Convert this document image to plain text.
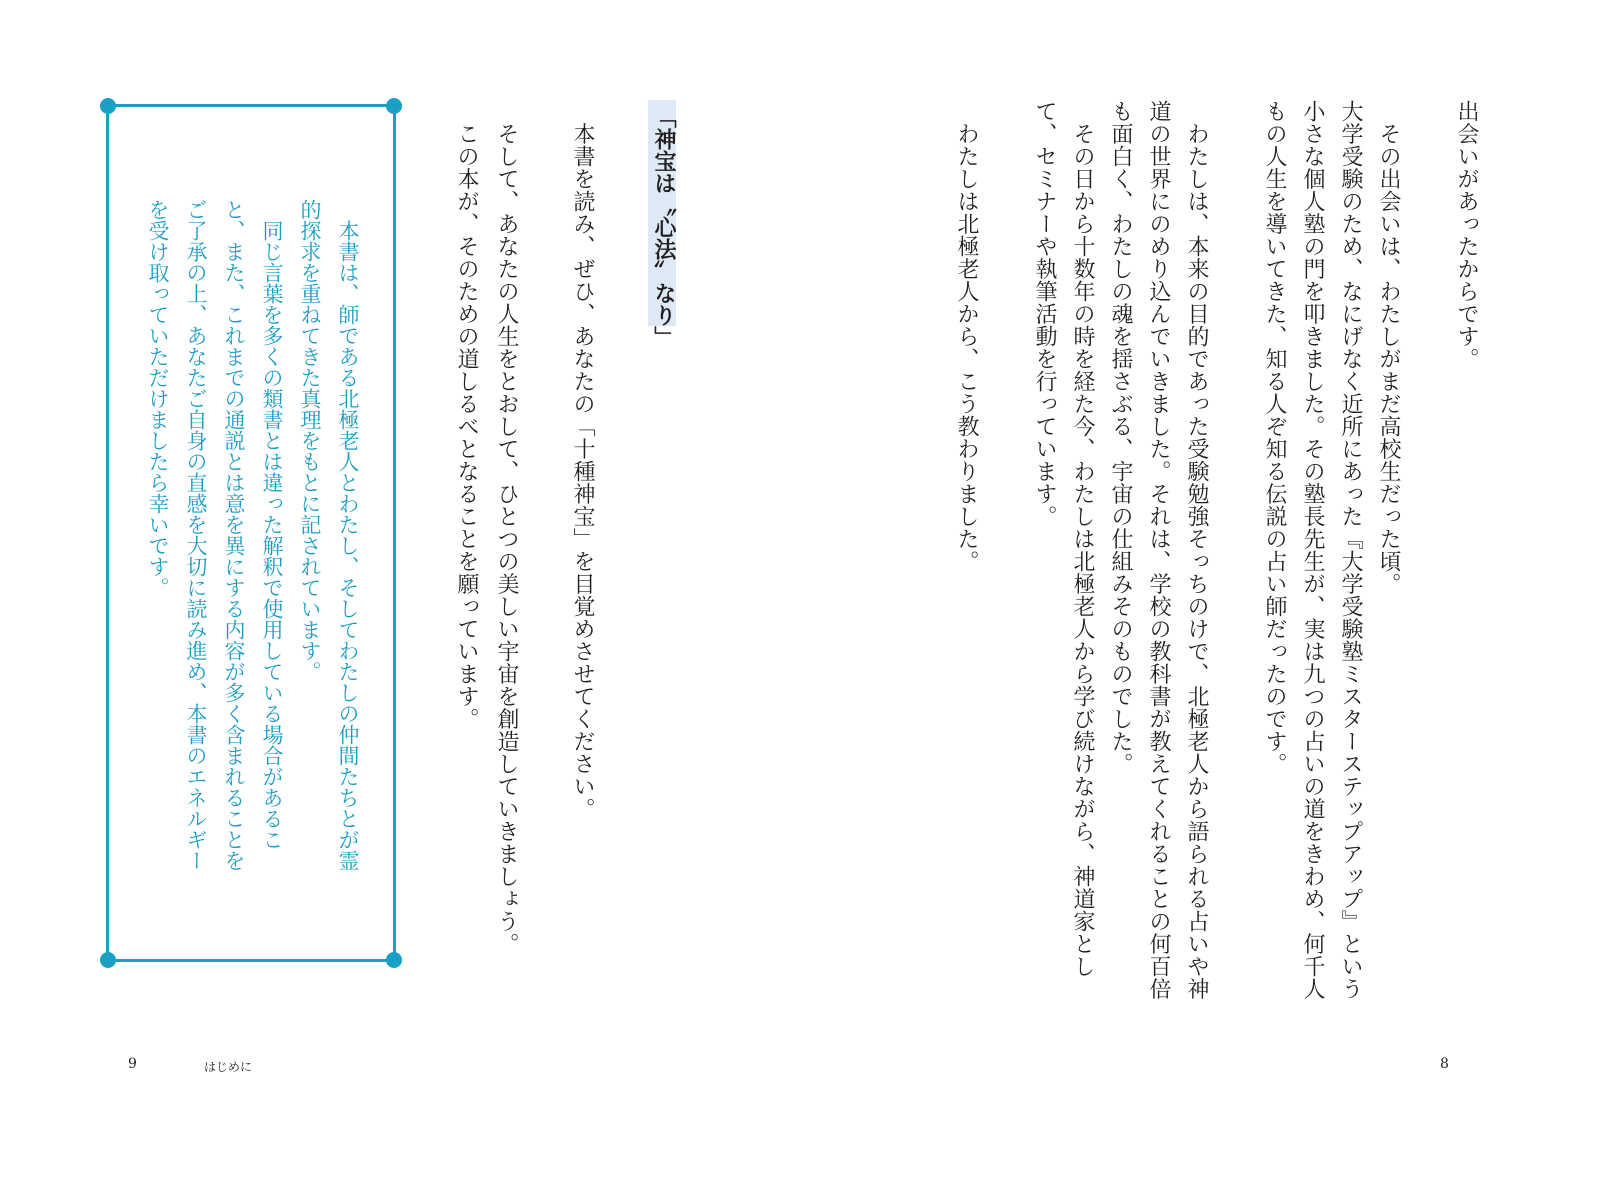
出会いがあったからです。
　その出会いは、わたしがまだ高校生だった頃。
大学受験のため、なにげなく近所にあった『大学受験塾ミスターステップアップ』という
小さな個人塾の門を叩きました。その塾長先生が、実は九つの占いの道をきわめ、何千人
もの人生を導いてきた、知る人ぞ知る伝説の占い師だったのです。
　わたしは、本来の目的であった受験勉強そっちのけで、北極老人から語られる占いや神
道の世界にのめり込んでいきました。それは、学校の教科書が教えてくれることの何百倍
も面白く、わたしの魂を揺さぶる、宇宙の仕組みそのものでした。
　その日から十数年の時を経た今、わたしは北極老人から学び続けながら、神道家とし
て、セミナーや執筆活動を行っています。
　わたしは北極老人から、こう教わりました。
「神宝は〝心法〟なり」
　本書を読み、ぜひ、あなたの「十種神宝」を目覚めさせてください。
　そして、あなたの人生をとおして、ひとつの美しい宇宙を創造していきましょう。
　この本が、そのための道しるべとなることを願っています。
　本書は、師である北極老人とわたし、そしてわたしの仲間たちとが霊
的探求を重ねてきた真理をもとに記されています。
　同じ言葉を多くの類書とは違った解釈で使用している場合があるこ
と、また、これまでの通説とは意を異にする内容が多く含まれることを
ご了承の上、あなたご自身の直感を大切に読み進め、本書のエネルギー
を受け取っていただけましたら幸いです。
9	はじめに	8
